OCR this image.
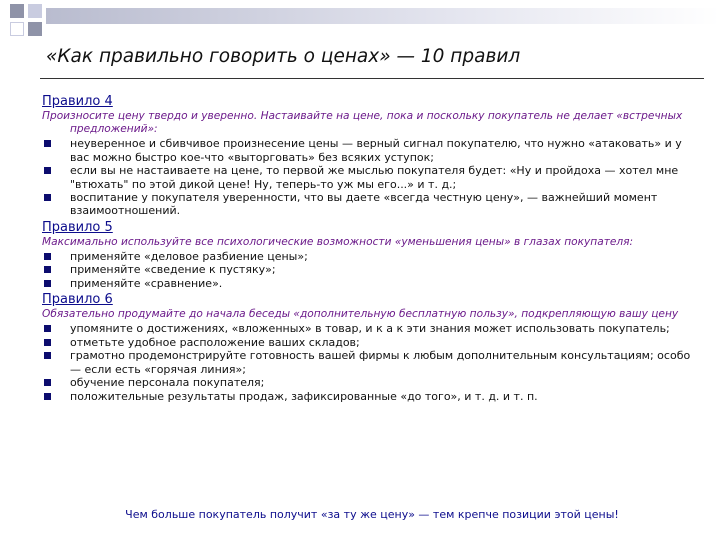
«Как правильно говорить о ценах» — 10 правил
Правило 4
Произносите цену твердо и уверенно. Настаивайте на цене, пока и поскольку покупатель не делает «встречных предложений»:
неуверенное и сбивчивое произнесение цены — верный сигнал покупателю, что нужно «атаковать» и у вас можно быстро кое-что «выторговать» без всяких уступок;
если вы не настаиваете на цене, то первой же мыслью покупателя будет: «Ну и пройдоха — хотел мне "втюхать" по этой дикой цене! Ну, теперь-то уж мы его...» и т. д.;
воспитание у покупателя уверенности, что вы даете «всегда честную цену», — важнейший момент взаимоотношений.
Правило 5
Максимально используйте все психологические возможности «уменьшения цены» в глазах покупателя:
применяйте «деловое разбиение цены»;
применяйте «сведение к пустяку»;
применяйте «сравнение».
Правило 6
Обязательно продумайте до начала беседы «дополнительную бесплатную пользу», подкрепляющую вашу цену
упомяните о достижениях, «вложенных» в товар, и к а к эти знания может использовать покупатель;
отметьте удобное расположение ваших складов;
грамотно продемонстрируйте готовность вашей фирмы к любым дополнительным консультациям; особо — если есть «горячая линия»;
обучение персонала покупателя;
положительные результаты продаж, зафиксированные «до того», и т. д. и т. п.
Чем больше покупатель получит «за ту же цену» — тем крепче позиции этой цены!
